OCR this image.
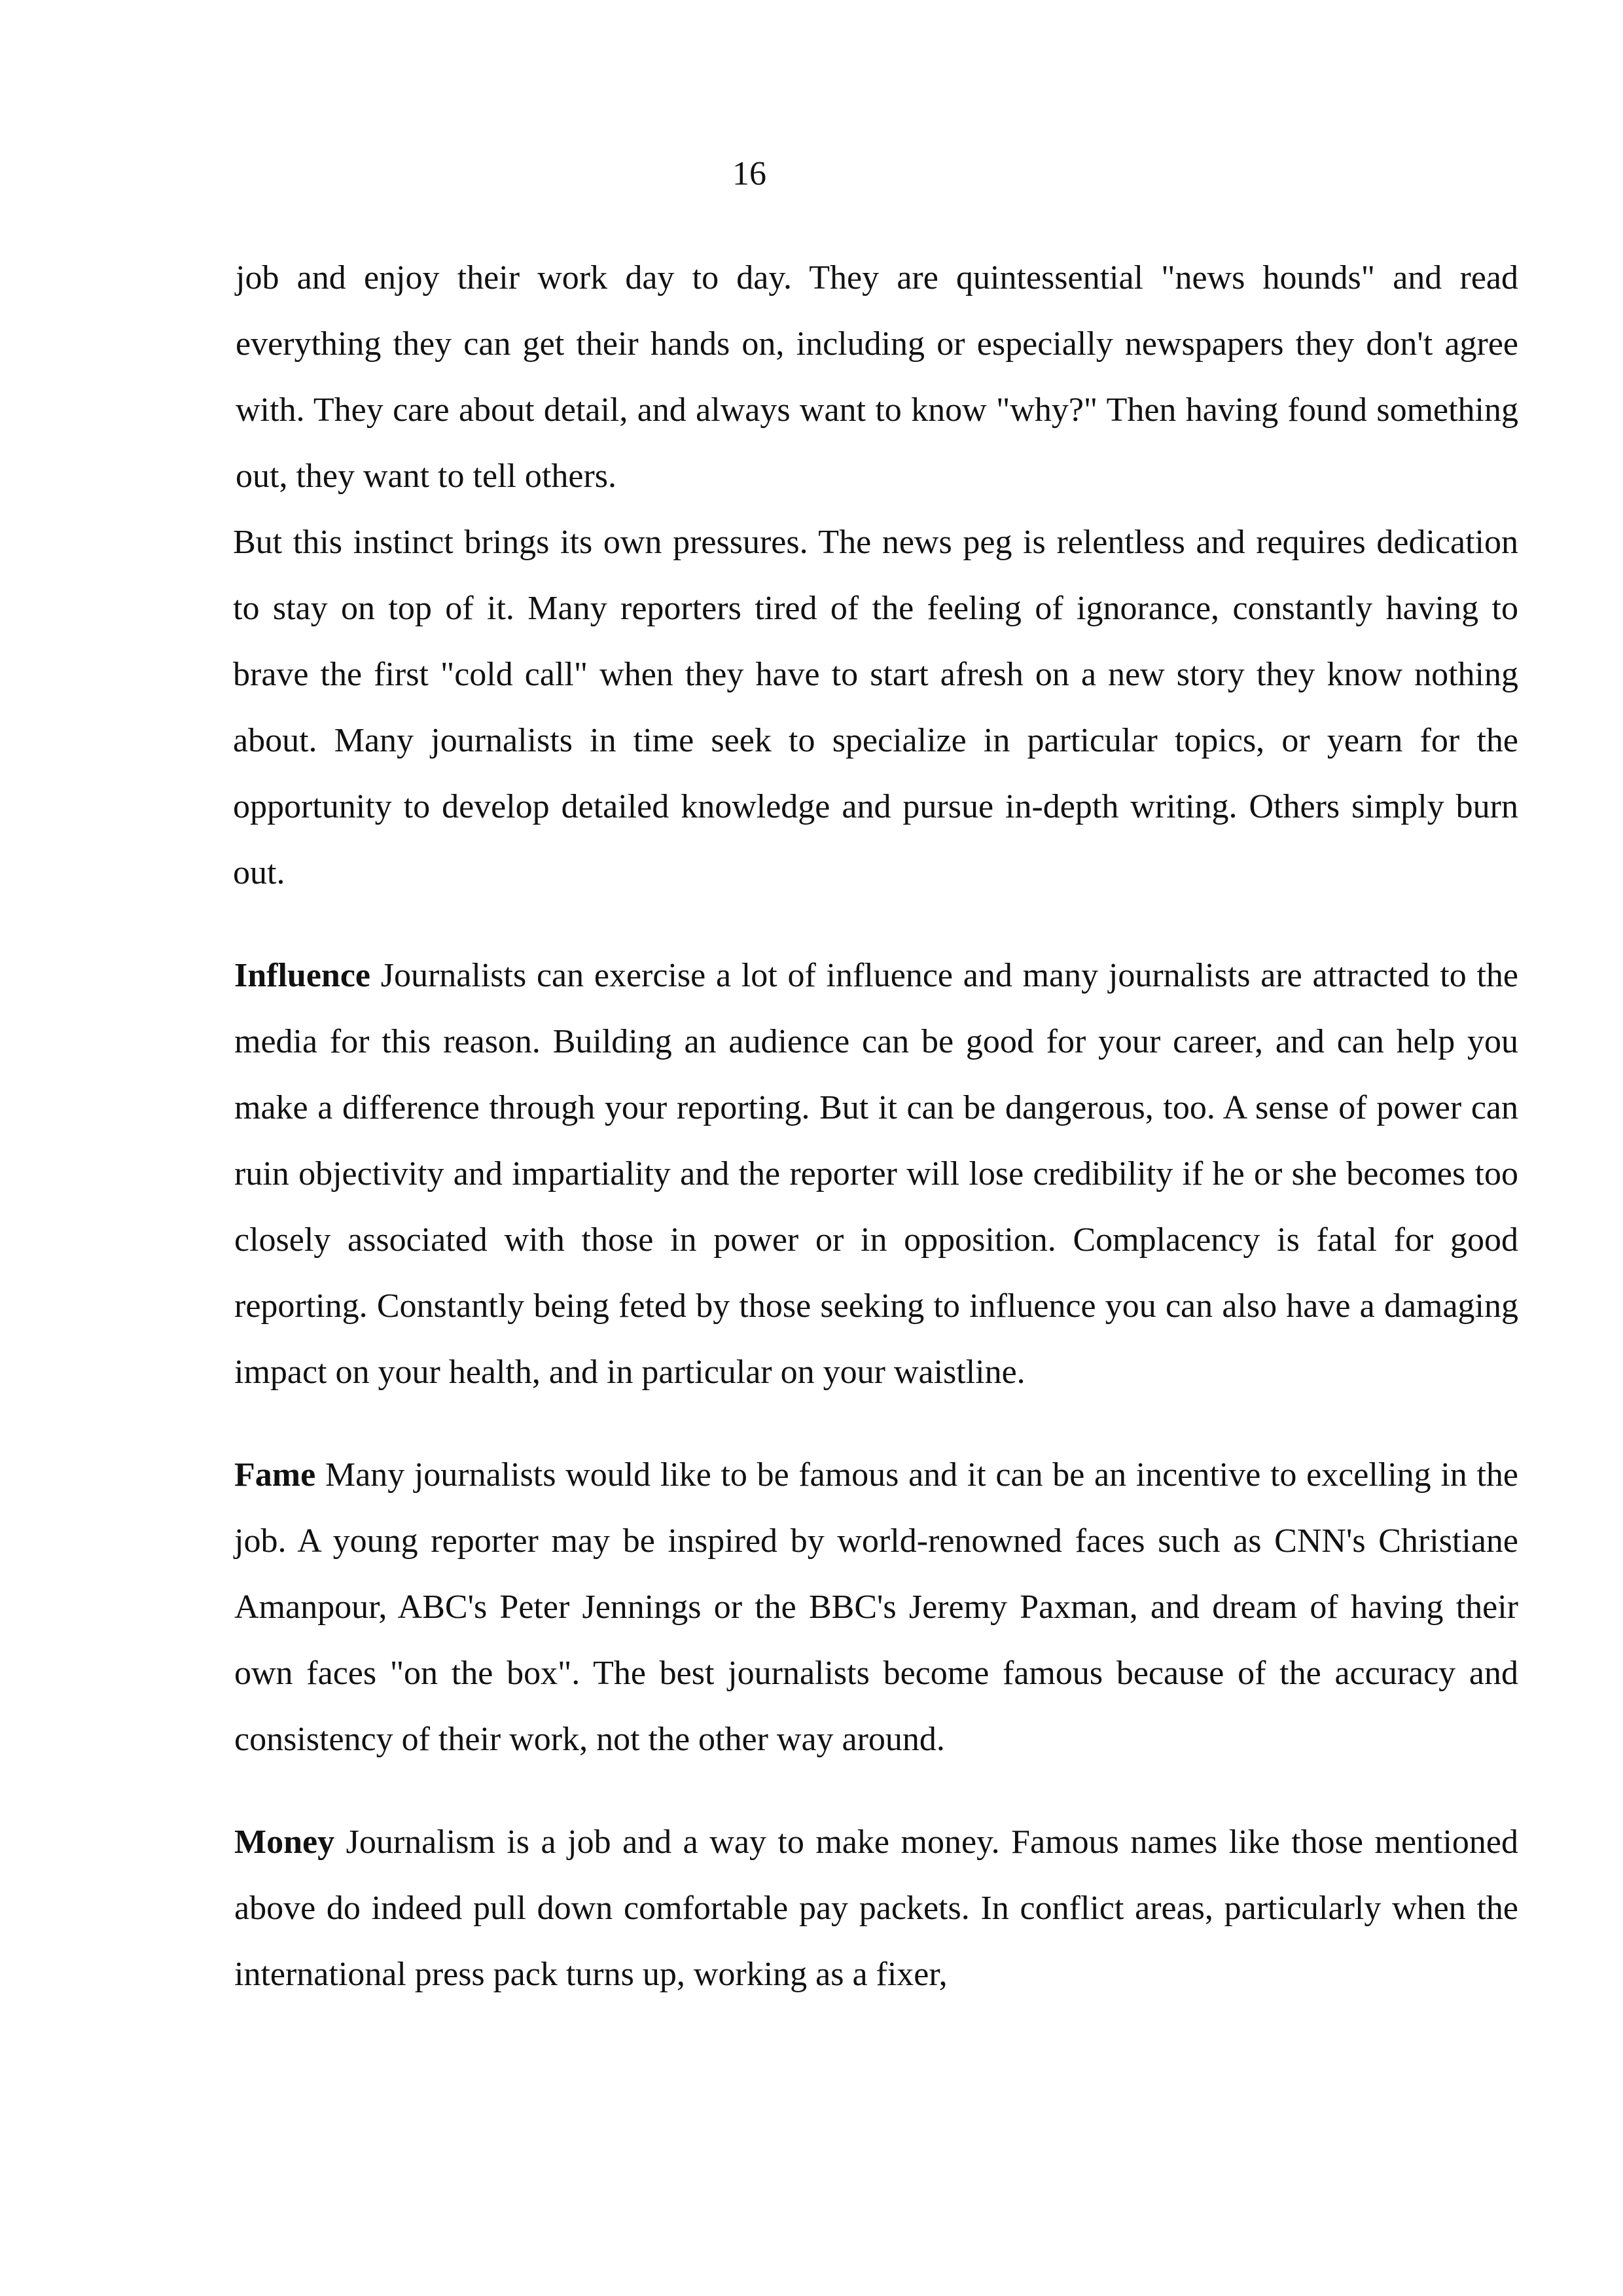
16

job and enjoy their work day to day. They are quintessential "news hounds" and read everything they can get their hands on, including or especially newspapers they don't agree with. They care about detail, and always want to know "why?" Then having found something out, they want to tell others.

But this instinct brings its own pressures. The news peg is relentless and requires dedication to stay on top of it. Many reporters tired of the feeling of ignorance, constantly having to brave the first "cold call" when they have to start afresh on a new story they know nothing about. Many journalists in time seek to specialize in particular topics, or yearn for the opportunity to develop detailed knowledge and pursue in-depth writing. Others simply burn out.

Influence Journalists can exercise a lot of influence and many journalists are attracted to the media for this reason. Building an audience can be good for your career, and can help you make a difference through your reporting. But it can be dangerous, too. A sense of power can ruin objectivity and impartiality and the reporter will lose credibility if he or she becomes too closely associated with those in power or in opposition. Complacency is fatal for good reporting. Constantly being feted by those seeking to influence you can also have a damaging impact on your health, and in particular on your waistline.

Fame Many journalists would like to be famous and it can be an incentive to excelling in the job. A young reporter may be inspired by world-renowned faces such as CNN's Christiane Amanpour, ABC's Peter Jennings or the BBC's Jeremy Paxman, and dream of having their own faces "on the box". The best journalists become famous because of the accuracy and consistency of their work, not the other way around.

Money Journalism is a job and a way to make money. Famous names like those mentioned above do indeed pull down comfortable pay packets. In conflict areas, particularly when the international press pack turns up, working as a fixer,
